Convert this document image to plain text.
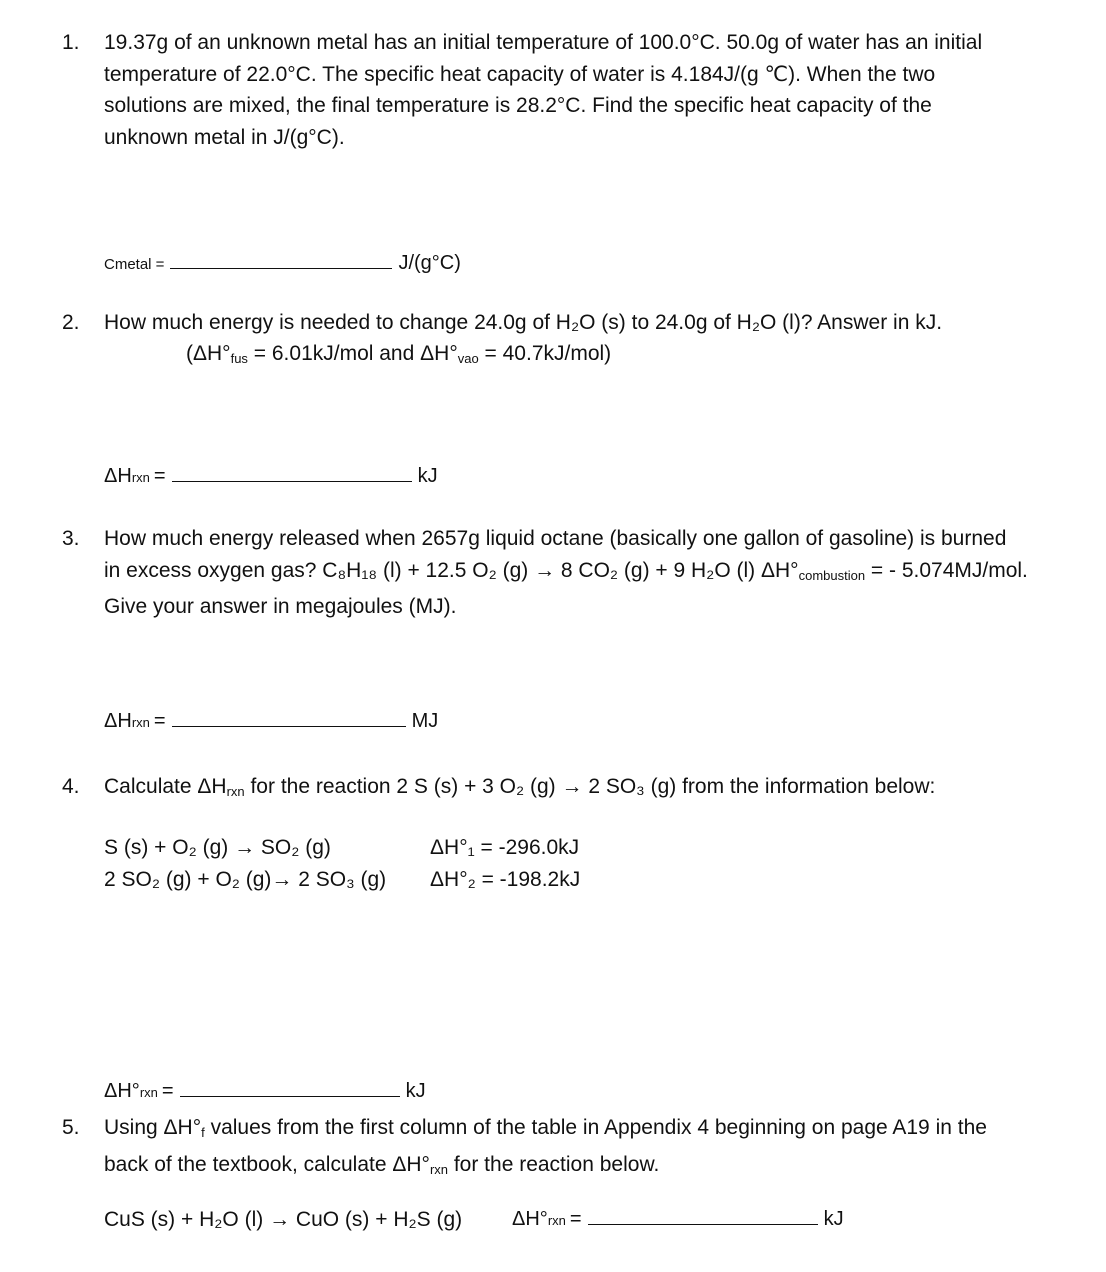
1.	19.37g of an unknown metal has an initial temperature of 100.0°C. 50.0g of water has an initial
temperature of 22.0°C. The specific heat capacity of water is 4.184J/(g ℃). When the two
solutions are mixed, the final temperature is 28.2°C. Find the specific heat capacity of the
unknown metal in J/(g°C).
Cmetal =	J/(g°C)
2.	How much energy is needed to change 24.0g of H₂O (s) to 24.0g of H₂O (l)? Answer in kJ.
($\Delta H^\circ_{fus} = 6.01kJ/mol$ and $\Delta H^\circ_{vao} = 40.7kJ/mol$)
ΔH rxn =	kJ
3.	How much energy released when 2657g liquid octane (basically one gallon of gasoline) is burned
in excess oxygen gas? C₈H₁₈ (l) + 12.5 O₂ (g) → 8 CO₂ (g) + 9 H₂O (l) $\Delta H^\circ_{combustion}$ = - 5.074MJ/mol.
Give your answer in megajoules (MJ).
ΔH rxn =	MJ
4.	Calculate $\Delta H_{rxn}$ for the reaction 2 S (s) + 3 O₂ (g) → 2 SO₃ (g) from the information below:
S (s) + O₂ (g) → SO₂ (g)	ΔH°₁ = -296.0kJ
2 SO₂ (g) + O₂ (g)→ 2 SO₃ (g) ΔH°₂ = -198.2kJ
ΔH° rxn =	kJ
5.	Using $\Delta H^\circ_f$ values from the first column of the table in Appendix 4 beginning on page A19 in the
back of the textbook, calculate $\Delta H^\circ_{rxn}$ for the reaction below.
CuS (s) + H₂O (l) → CuO (s) + H₂S (g) ΔH° rxn =	kJ
